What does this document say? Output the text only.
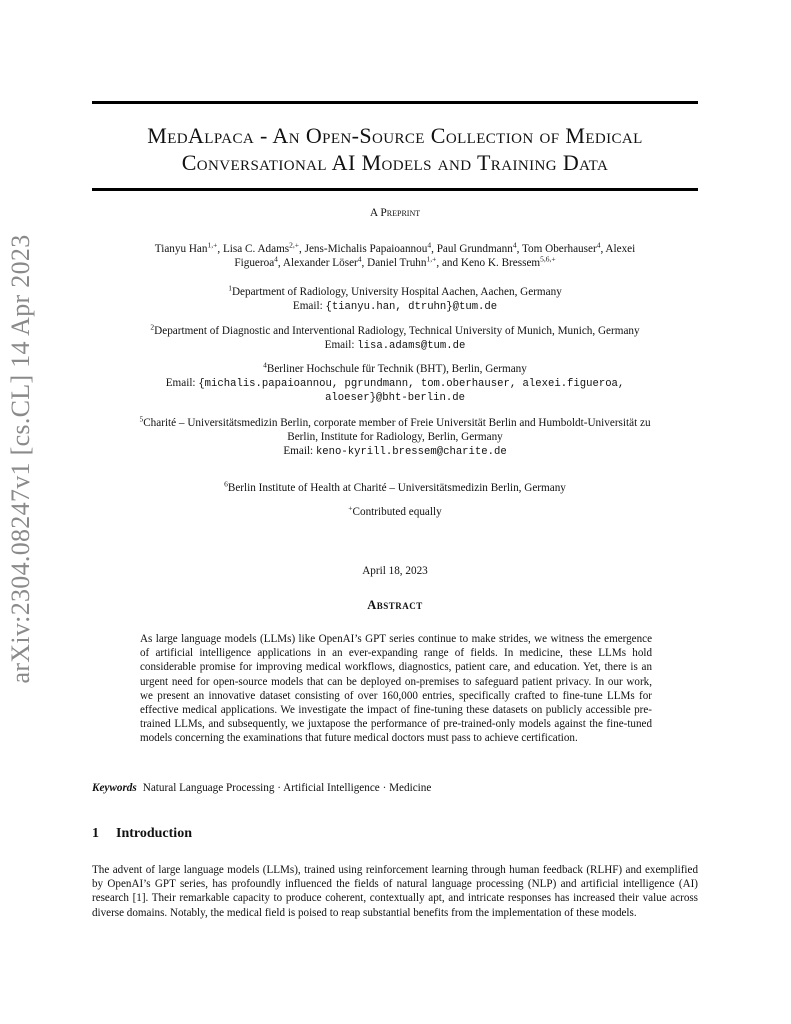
arXiv:2304.08247v1 [cs.CL] 14 Apr 2023
MedAlpaca - An Open-Source Collection of Medical
Conversational AI Models and Training Data
A Preprint
Tianyu Han$^{1,+}$, Lisa C. Adams$^{2,+}$, Jens-Michalis Papaioannou$^4$, Paul Grundmann$^4$, Tom Oberhauser$^4$, Alexei
Figueroa$^4$, Alexander Löser$^4$, Daniel Truhn$^{1,+}$, and Keno K. Bressem$^{5,6,+}$
$^1$Department of Radiology, University Hospital Aachen, Aachen, Germany
Email: {tianyu.han, dtruhn}@tum.de
$^2$Department of Diagnostic and Interventional Radiology, Technical University of Munich, Munich, Germany
Email: lisa.adams@tum.de
$^4$Berliner Hochschule für Technik (BHT), Berlin, Germany
Email: {michalis.papaioannou, pgrundmann, tom.oberhauser, alexei.figueroa,
aloeser}@bht-berlin.de
$^5$Charité – Universitätsmedizin Berlin, corporate member of Freie Universität Berlin and Humboldt-Universität zu
Berlin, Institute for Radiology, Berlin, Germany
Email: keno-kyrill.bressem@charite.de
$^6$Berlin Institute of Health at Charité – Universitätsmedizin Berlin, Germany
+Contributed equally
April 18, 2023
Abstract
As large language models (LLMs) like OpenAI’s GPT series continue to make strides, we witness the emergence of artificial intelligence applications in an ever-expanding range of fields. In medicine, these LLMs hold considerable promise for improving medical workflows, diagnostics, patient care, and education. Yet, there is an urgent need for open-source models that can be deployed on-premises to safeguard patient privacy. In our work, we present an innovative dataset consisting of over 160,000 entries, specifically crafted to fine-tune LLMs for effective medical applications. We investigate the impact of fine-tuning these datasets on publicly accessible pre-trained LLMs, and subsequently, we juxtapose the performance of pre-trained-only models against the fine-tuned models concerning the examinations that future medical doctors must pass to achieve certification.
Keywords Natural Language Processing · Artificial Intelligence · Medicine
1 Introduction
The advent of large language models (LLMs), trained using reinforcement learning through human feedback (RLHF) and exemplified by OpenAI’s GPT series, has profoundly influenced the fields of natural language processing (NLP) and artificial intelligence (AI) research [1]. Their remarkable capacity to produce coherent, contextually apt, and intricate responses has increased their value across diverse domains. Notably, the medical field is poised to reap substantial benefits from the implementation of these models.
